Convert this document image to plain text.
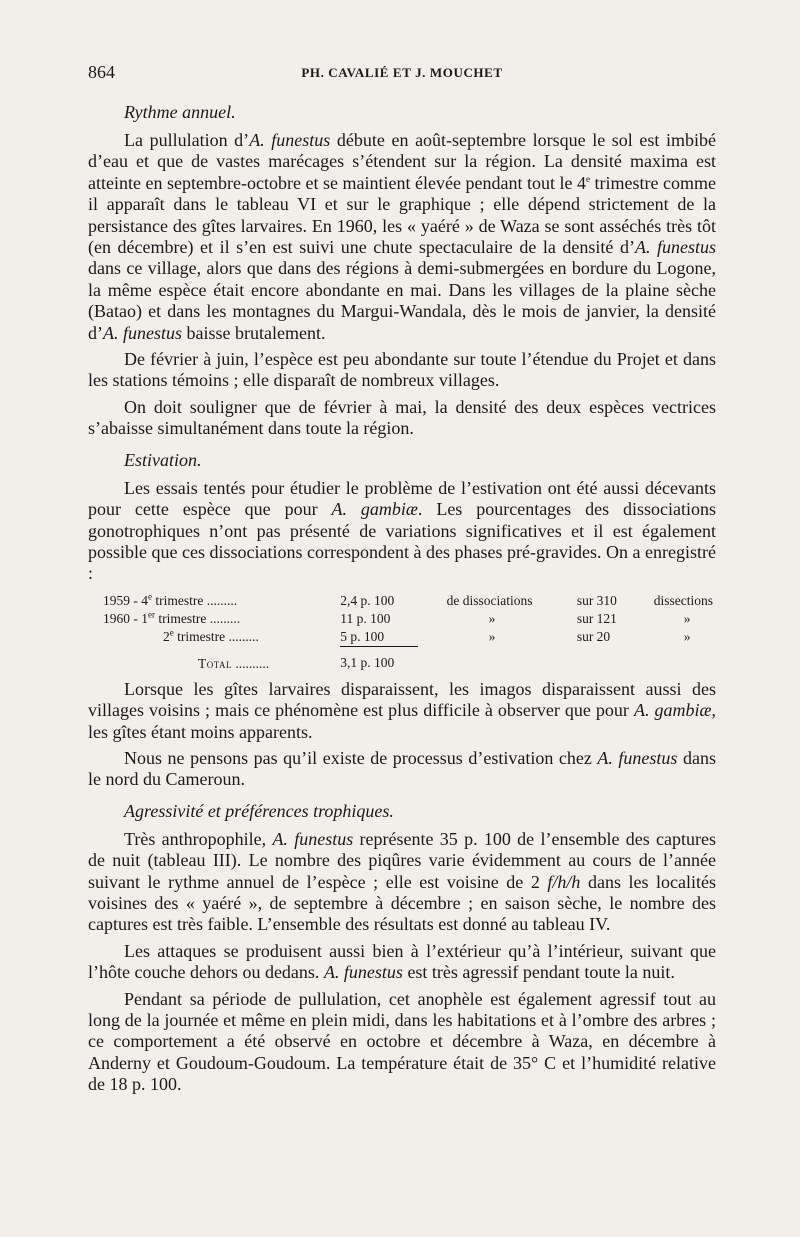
864	PH. CAVALIÉ ET J. MOUCHET
Rythme annuel.

La pullulation d’A. funestus débute en août-septembre lorsque le sol est imbibé d’eau et que de vastes marécages s’étendent sur la région. La densité maxima est atteinte en septembre-octobre et se maintient élevée pendant tout le 4e trimestre comme il apparaît dans le tableau VI et sur le graphique ; elle dépend strictement de la persistance des gîtes larvaires. En 1960, les « yaéré » de Waza se sont asséchés très tôt (en décembre) et il s’en est suivi une chute spectaculaire de la densité d’A. funestus dans ce village, alors que dans des régions à demi-submergées en bordure du Logone, la même espèce était encore abondante en mai. Dans les villages de la plaine sèche (Batao) et dans les montagnes du Margui-Wandala, dès le mois de janvier, la densité d’A. funestus baisse brutalement.

De février à juin, l’espèce est peu abondante sur toute l’étendue du Projet et dans les stations témoins ; elle disparaît de nombreux villages.

On doit souligner que de février à mai, la densité des deux espèces vectrices s’abaisse simultanément dans toute la région.

Estivation.

Les essais tentés pour étudier le problème de l’estivation ont été aussi décevants pour cette espèce que pour A. gambiæ. Les pourcentages des dissociations gonotrophiques n’ont pas présenté de variations significatives et il est également possible que ces dissociations correspondent à des phases pré-gravides. On a enregistré :

1959 - 4e trimestre .........	2,4 p. 100	de dissociations	sur 310	dissections
1960 - 1er trimestre .........	11 p. 100	»	sur 121	»
2e trimestre .........	5 p. 100	»	sur 20	»
Total ..........	3,1 p. 100			

Lorsque les gîtes larvaires disparaissent, les imagos disparaissent aussi des villages voisins ; mais ce phénomène est plus difficile à observer que pour A. gambiæ, les gîtes étant moins apparents.

Nous ne pensons pas qu’il existe de processus d’estivation chez A. funestus dans le nord du Cameroun.

Agressivité et préférences trophiques.

Très anthropophile, A. funestus représente 35 p. 100 de l’ensemble des captures de nuit (tableau III). Le nombre des piqûres varie évidemment au cours de l’année suivant le rythme annuel de l’espèce ; elle est voisine de 2 f/h/h dans les localités voisines des « yaéré », de septembre à décembre ; en saison sèche, le nombre des captures est très faible. L’ensemble des résultats est donné au tableau IV.

Les attaques se produisent aussi bien à l’extérieur qu’à l’intérieur, suivant que l’hôte couche dehors ou dedans. A. funestus est très agressif pendant toute la nuit.

Pendant sa période de pullulation, cet anophèle est également agressif tout au long de la journée et même en plein midi, dans les habitations et à l’ombre des arbres ; ce comportement a été observé en octobre et décembre à Waza, en décembre à Anderny et Goudoum-Goudoum. La température était de 35° C et l’humidité relative de 18 p. 100.
